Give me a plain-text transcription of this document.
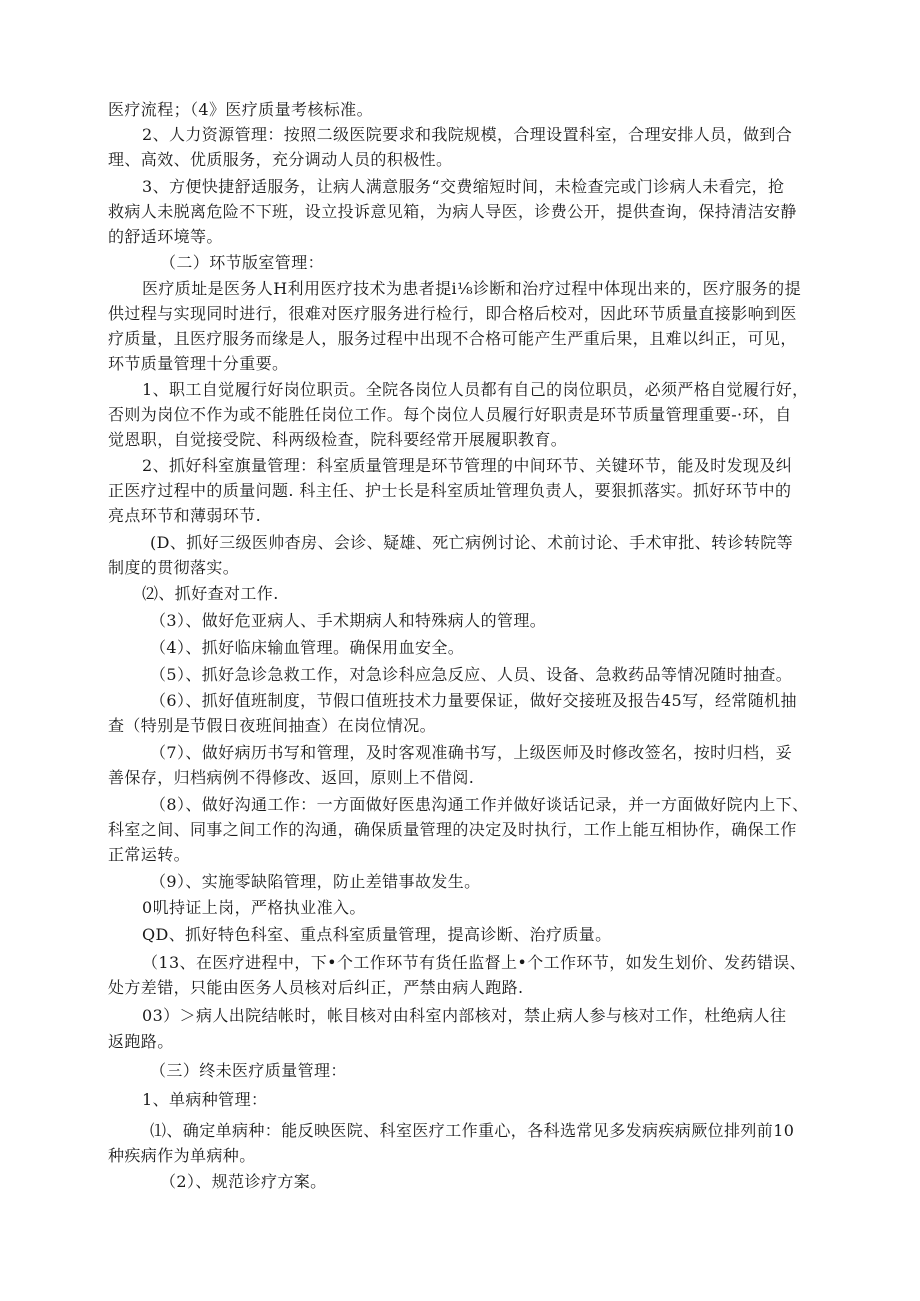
医疗流程；（4》医疗质量考核标准。
2、人力资源管理：按照二级医院要求和我院规模，合理设置科室，合理安排人员，做到合
理、高效、优质服务，充分调动人员的积极性。
3、方便快捷舒适服务，让病人满意服务“交费缩短时间，未检查完或门诊病人未看完，抢
救病人未脱离危险不下班，设立投诉意见箱，为病人导医，诊费公开，提供查询，保持清洁安静
的舒适环境等。
（二）环节版室管理：
医疗质址是医务人H利用医疗技术为患者提i⅛诊断和治疗过程中体现出来的，医疗服务的提
供过程与实现同时进行，很难对医疗服务进行检行，即合格后校对，因此环节质量直接影响到医
疗质量，且医疗服务而缘是人，服务过程中出现不合格可能产生严重后果，且难以纠正，可见，
环节质量管理十分重要。
1、职工自觉履行好岗位职贡。全院各岗位人员都有自己的岗位职员，必须严格自觉履行好，
否则为岗位不作为或不能胜任岗位工作。每个岗位人员履行好职责是环节质量管理重要-·环，自
觉恩职，自觉接受院、科两级检查，院科要经常开展履职教育。
2、抓好科室旗量管理：科室质量管理是环节管理的中间环节、关键环节，能及时发现及纠
正医疗过程中的质量问题. 科主任、护士长是科室质址管理负责人，要狠抓落实。抓好环节中的
亮点环节和薄弱环节.
(D、抓好三级医帅杳房、会诊、疑雄、死亡病例讨论、术前讨论、手术审批、转诊转院等
制度的贯彻落实。
⑵、抓好查对工作.
（3）、做好危亚病人、手术期病人和特殊病人的管理。
（4）、抓好临床输血管理。确保用血安全。
（5）、抓好急诊急救工作，对急诊科应急反应、人员、设备、急救药品等情况随时抽查。
（6）、抓好值班制度，节假口值班技术力量要保证，做好交接班及报告45写，经常随机抽
查（特别是节假日夜班间抽查）在岗位情况。
（7）、做好病历书写和管理，及时客观准确书写，上级医师及时修改签名，按时归档，妥
善保存，归档病例不得修改、返回，原则上不借阅.
（8）、做好沟通工作：一方面做好医患沟通工作并做好谈话记录，并一方面做好院内上下、
科室之间、同事之间工作的沟通，确保质量管理的决定及时执行，工作上能互相协作，确保工作
正常运转。
（9）、实施零缺陷管理，防止差错事故发生。
0叽持证上岗，严格执业准入。
QD、抓好特色科室、重点科室质量管理，提高诊断、治疗质量。
（13、在医疗进程中，下•个工作环节有货任监督上•个工作环节，如发生划价、发药错误、
处方差错，只能由医务人员核对后纠正，严禁由病人跑路.
03）＞病人出院结帐时，帐目核对由科室内部核对，禁止病人参与核对工作，杜绝病人往
返跑路。
（三）终未医疗质量管理：
1、单病种管理：
⑴、确定单病种：能反映医院、科室医疗工作重心，各科选常见多发病疾病厥位排列前10
种疾病作为单病种。
（2）、规范诊疗方案。
